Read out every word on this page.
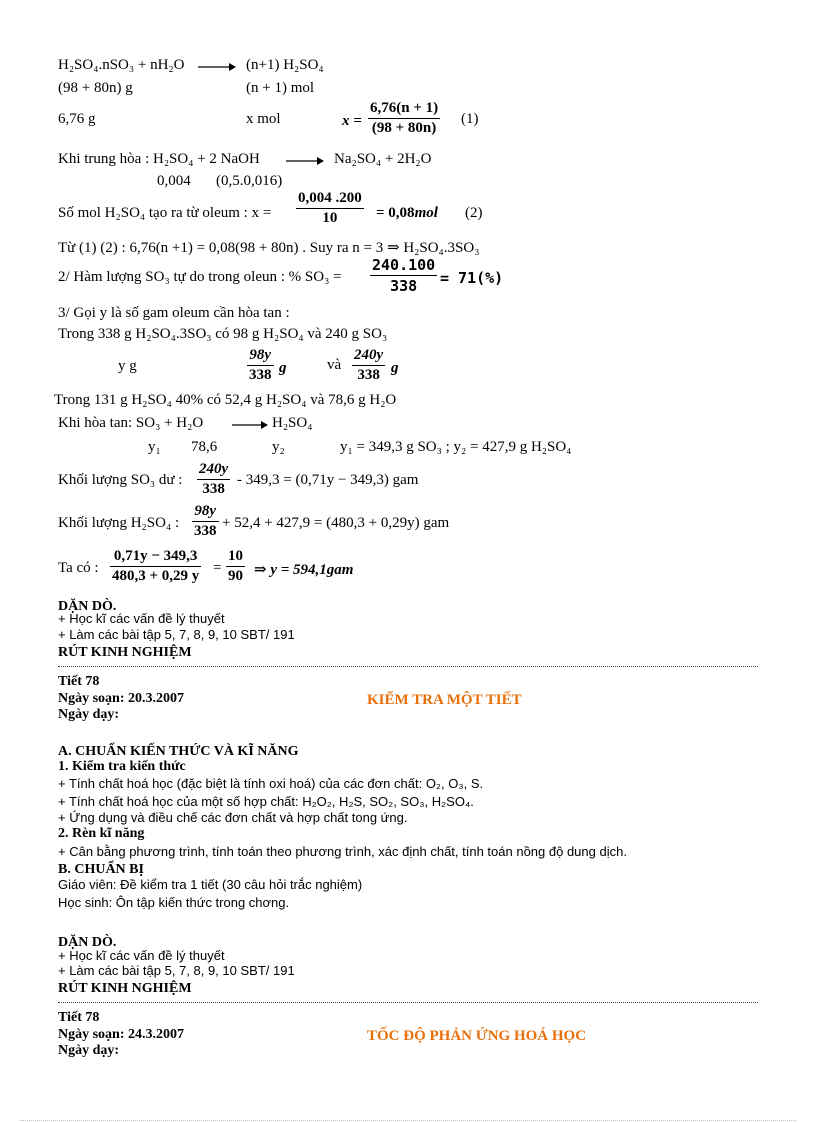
H₂SO₄.nSO₃ + nH₂O → (n+1) H₂SO₄
(98 + 80n) g	(n + 1) mol
6,76 g	x mol	x =
6,76(n + 1)
(98 + 80n)
(1)
Khi trung hòa : H₂SO₄ + 2 NaOH → Na₂SO₄ + 2H₂O
0,004 (0,5.0,016)
Số mol H₂SO₄ tạo ra từ oleum : x =
0,004 .200
10	= 0,08mol (2)
Từ (1) (2) : 6,76(n +1) = 0,08(98 + 80n) . Suy ra n = 3 ⇒ H₂SO₄.3SO₃
2/ Hàm lượng SO₃ tự do trong oleun : % SO₃ =
240.100
338	= 71(%)
3/ Gọi y là số gam oleum cần hòa tan :
Trong 338 g H₂SO₄.3SO₃ có 98 g H₂SO₄ và 240 g SO₃
y g
98y
338 g	và
240y
338 g
Trong 131 g H₂SO₄ 40% có 52,4 g H₂SO₄ và 78,6 g H₂O
Khi hòa tan: SO₃ + H₂O → H₂SO₄
y₁ 78,6	y₂	y₁ = 349,3 g SO₃ ; y₂ = 427,9 g H₂SO₄
Khối lượng SO₃ dư :
240y
338
- 349,3 = (0,71y − 349,3) gam
Khối lượng H₂SO₄ :
98y
338 + 52,4 + 427,9 = (480,3 + 0,29y) gam
Ta có :
0,71y − 349,3
480,3 + 0,29 y =
10
90 ⇒ y = 594,1gam
DẶN DÒ.
+ Học kĩ các vấn đề lý thuyết
+ Làm các bài tập 5, 7, 8, 9, 10 SBT/ 191
RÚT KINH NGHIỆM
Tiết 78
Ngày soạn: 20.3.2007
Ngày dạy:
KIỂM TRA MỘT TIẾT
A. CHUẨN KIẾN THỨC VÀ KĨ NĂNG
1. Kiểm tra kiến thức
+ Tính chất hoá học (đặc biệt là tính oxi hoá) của các đơn chất: O₂, O₃, S.
+ Tính chất hoá học của một số hợp chất: H₂O₂, H₂S, SO₂, SO₃, H₂SO₄.
+ Ứng dụng và điều chế các đơn chất và hợp chất tong ứng.
2. Rèn kĩ năng
+ Cân bằng phương trình, tính toán theo phương trình, xác định chất, tính toán nồng độ dung dịch.
B. CHUẨN BỊ
Giáo viên: Đề kiểm tra 1 tiết (30 câu hỏi trắc nghiệm)
Học sinh: Ôn tập kiến thức trong chơng.
DẶN DÒ.
+ Học kĩ các vấn đề lý thuyết
+ Làm các bài tập 5, 7, 8, 9, 10 SBT/ 191
RÚT KINH NGHIỆM
Tiết 78
Ngày soạn: 24.3.2007
Ngày dạy:
TỐC ĐỘ PHẢN ỨNG HOÁ HỌC
